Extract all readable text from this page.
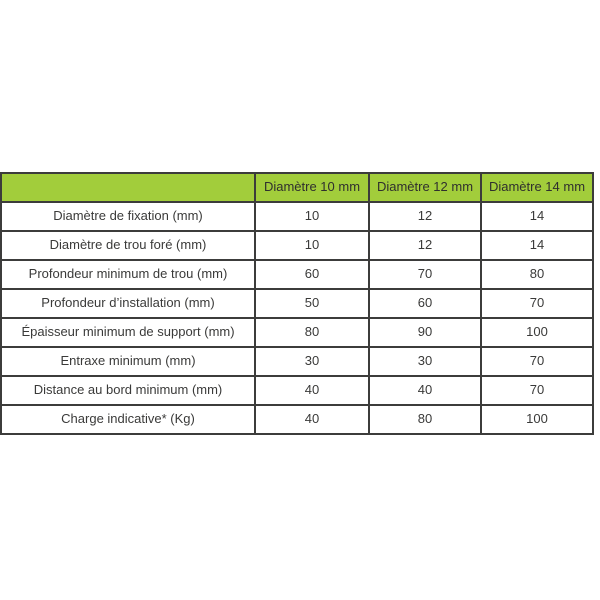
	Diamètre 10 mm	Diamètre 12 mm	Diamètre 14 mm
Diamètre de fixation (mm)	10	12	14
Diamètre de trou foré (mm)	10	12	14
Profondeur minimum de trou (mm)	60	70	80
Profondeur d’installation (mm)	50	60	70
Épaisseur minimum de support (mm)	80	90	100
Entraxe minimum (mm)	30	30	70
Distance au bord minimum (mm)	40	40	70
Charge indicative* (Kg)	40	80	100
